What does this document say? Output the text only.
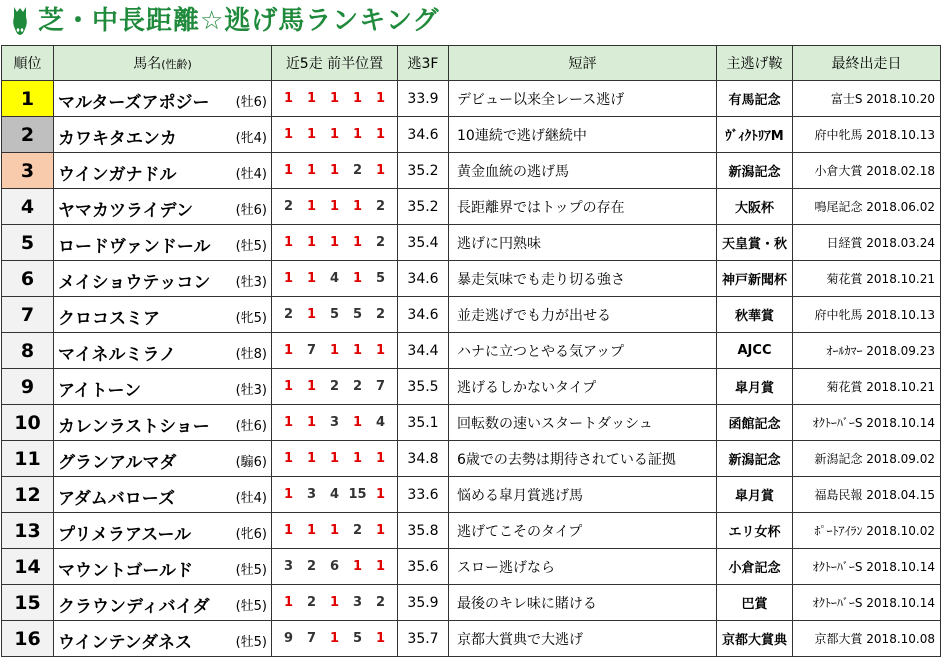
芝・中長距離☆逃げ馬ランキング
順位	馬名(性齢)	近5走 前半位置	逃3F	短評	主逃げ鞍	最終出走日
1	マルターズアポジー (牡6)	1 1 1 1 1	33.9	デビュー以来全レース逃げ	有馬記念	富士S 2018.10.20
2	カワキタエンカ (牝4)	1 1 1 1 1	34.6	10連続で逃げ継続中	ｳﾞｨｸﾄﾘｱM	府中牝馬 2018.10.13
3	ウインガナドル (牡4)	1 1 1 2 1	35.2	黄金血統の逃げ馬	新潟記念	小倉大賞 2018.02.18
4	ヤマカツライデン (牡6)	2 1 1 1 2	35.2	長距離界ではトップの存在	大阪杯	鳴尾記念 2018.06.02
5	ロードヴァンドール (牡5)	1 1 1 1 2	35.4	逃げに円熟味	天皇賞・秋	日経賞 2018.03.24
6	メイショウテッコン (牡3)	1 1 4 1 5	34.6	暴走気味でも走り切る強さ	神戸新聞杯	菊花賞 2018.10.21
7	クロコスミア (牝5)	2 1 5 5 2	34.6	並走逃げでも力が出せる	秋華賞	府中牝馬 2018.10.13
8	マイネルミラノ (牡8)	1 7 1 1 1	34.4	ハナに立つとやる気アップ	AJCC	ｵｰﾙｶﾏｰ 2018.09.23
9	アイトーン (牡3)	1 1 2 2 7	35.5	逃げるしかないタイプ	皐月賞	菊花賞 2018.10.21
10	カレンラストショー (牡6)	1 1 3 1 4	35.1	回転数の速いスタートダッシュ	函館記念	ｵｸﾄｰﾊﾞｰS 2018.10.14
11	グランアルマダ (騸6)	1 1 1 1 1	34.8	6歳での去勢は期待されている証拠	新潟記念	新潟記念 2018.09.02
12	アダムバローズ (牡4)	1 3 4 15 1	33.6	悩める皐月賞逃げ馬	皐月賞	福島民報 2018.04.15
13	プリメラアスール (牝6)	1 1 1 2 1	35.8	逃げてこそのタイプ	エリ女杯	ﾎﾟｰﾄｱｲﾗﾝ 2018.10.02
14	マウントゴールド (牡5)	3 2 6 1 1	35.6	スロー逃げなら	小倉記念	ｵｸﾄｰﾊﾞｰS 2018.10.14
15	クラウンディバイダ (牡5)	1 2 1 3 2	35.9	最後のキレ味に賭ける	巴賞	ｵｸﾄｰﾊﾞｰS 2018.10.14
16	ウインテンダネス (牡5)	9 7 1 5 1	35.7	京都大賞典で大逃げ	京都大賞典	京都大賞 2018.10.08
